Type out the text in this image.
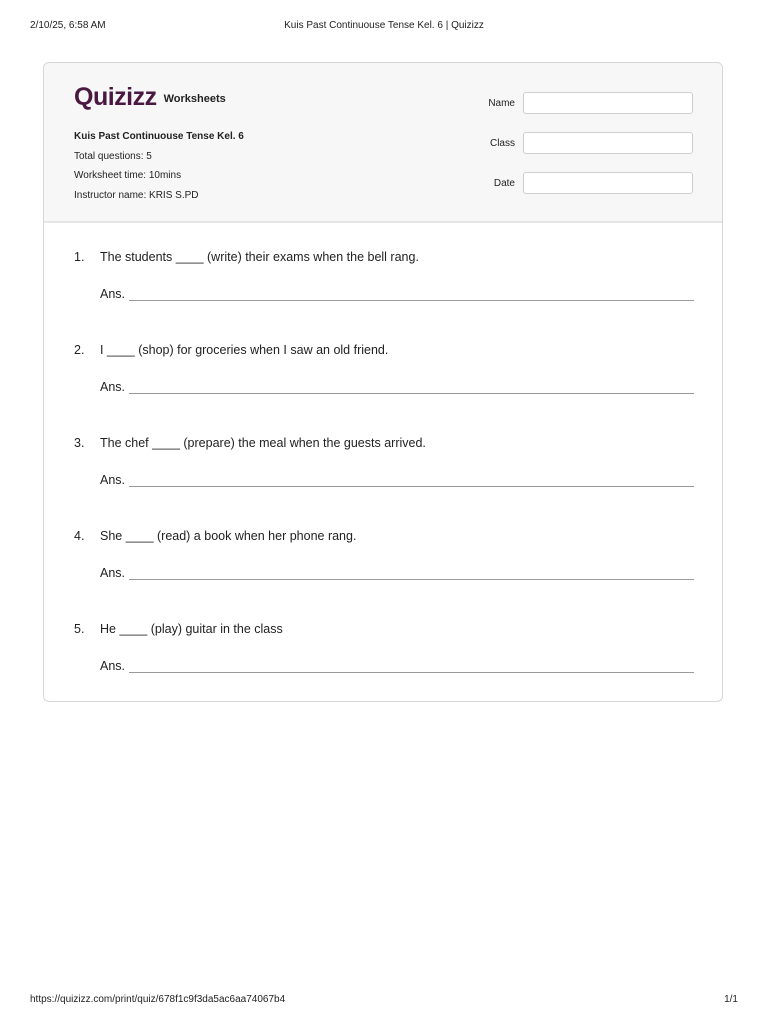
2/10/25, 6:58 AM	Kuis Past Continuouse Tense Kel. 6 | Quizizz
Quizizz Worksheets
Kuis Past Continuouse Tense Kel. 6
Total questions: 5
Worksheet time: 10mins
Instructor name: KRIS S.PD
Name
Class
Date
1.	The students ____ (write) their exams when the bell rang.
Ans.
2.	I ____ (shop) for groceries when I saw an old friend.
Ans.
3.	The chef ____ (prepare) the meal when the guests arrived.
Ans.
4.	She ____ (read) a book when her phone rang.
Ans.
5.	He ____ (play) guitar in the class
Ans.
https://quizizz.com/print/quiz/678f1c9f3da5ac6aa74067b4	1/1
